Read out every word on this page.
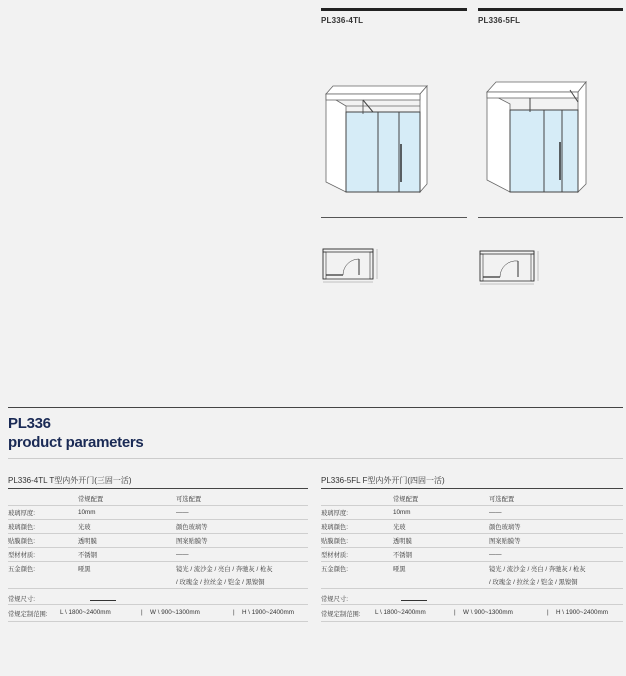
PL336-4TL	PL336-5FL
PL336
product parameters
PL336-4TL T型内外开门(三固一活)
	常规配置	可选配置
玻璃厚度:	10mm	——
玻璃颜色:	光玻	颜色玻璃等
贴膜颜色:	透明膜	图案贴膜等
型材材质:	不锈钢	——
五金颜色:	哑黑	镜光 / 流沙金 / 亮白 / 奔驰灰 / 枪灰
		/ 玫瑰金 / 拉丝金 / 铠金 / 黑镍铜
常规尺寸:
常规定制范围: L \ 1800~2400mm	| W \ 900~1300mm	| H \ 1900~2400mm
PL336-5FL F型内外开门(四固一活)
	常规配置	可选配置
玻璃厚度:	10mm	——
玻璃颜色:	光玻	颜色玻璃等
贴膜颜色:	透明膜	图案贴膜等
型材材质:	不锈钢	——
五金颜色:	哑黑	镜光 / 流沙金 / 亮白 / 奔驰灰 / 枪灰
		/ 玫瑰金 / 拉丝金 / 铠金 / 黑镍铜
常规尺寸:
常规定制范围: L \ 1800~2400mm	| W \ 900~1300mm	| H \ 1900~2400mm
